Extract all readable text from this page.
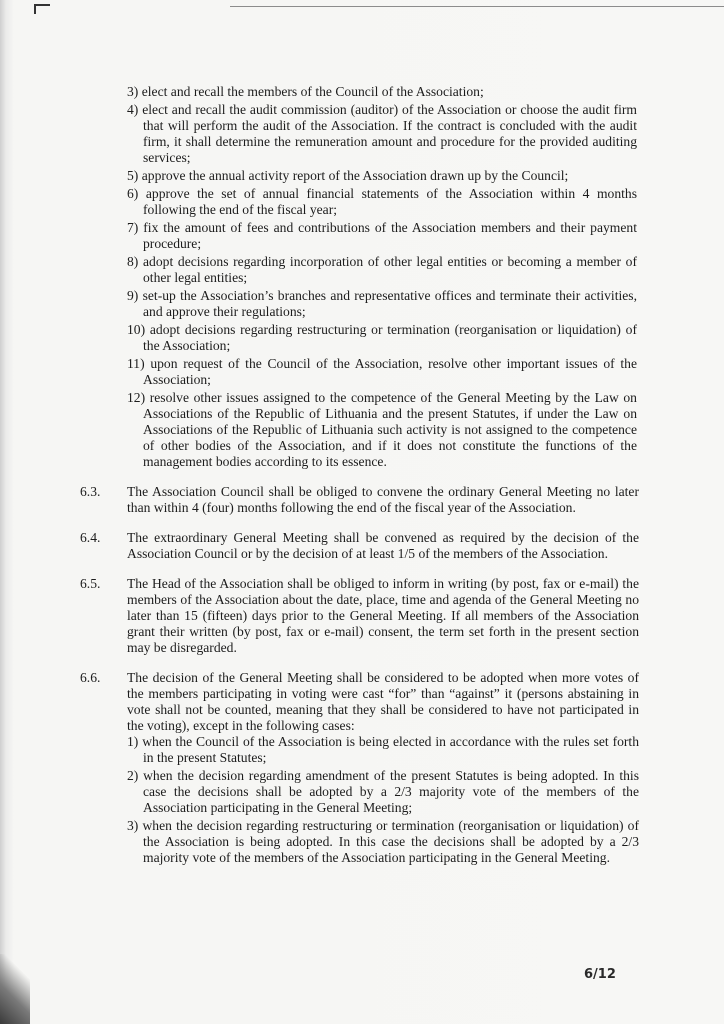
3) elect and recall the members of the Council of the Association;
4) elect and recall the audit commission (auditor) of the Association or choose the audit firm that will perform the audit of the Association. If the contract is concluded with the audit firm, it shall determine the remuneration amount and procedure for the provided auditing services;
5) approve the annual activity report of the Association drawn up by the Council;
6) approve the set of annual financial statements of the Association within 4 months following the end of the fiscal year;
7) fix the amount of fees and contributions of the Association members and their payment procedure;
8) adopt decisions regarding incorporation of other legal entities or becoming a member of other legal entities;
9) set-up the Association’s branches and representative offices and terminate their activities, and approve their regulations;
10) adopt decisions regarding restructuring or termination (reorganisation or liquidation) of the Association;
11) upon request of the Council of the Association, resolve other important issues of the Association;
12) resolve other issues assigned to the competence of the General Meeting by the Law on Associations of the Republic of Lithuania and the present Statutes, if under the Law on Associations of the Republic of Lithuania such activity is not assigned to the competence of other bodies of the Association, and if it does not constitute the functions of the management bodies according to its essence.
6.3. The Association Council shall be obliged to convene the ordinary General Meeting no later than within 4 (four) months following the end of the fiscal year of the Association.
6.4. The extraordinary General Meeting shall be convened as required by the decision of the Association Council or by the decision of at least 1/5 of the members of the Association.
6.5. The Head of the Association shall be obliged to inform in writing (by post, fax or e-mail) the members of the Association about the date, place, time and agenda of the General Meeting no later than 15 (fifteen) days prior to the General Meeting. If all members of the Association grant their written (by post, fax or e-mail) consent, the term set forth in the present section may be disregarded.
6.6. The decision of the General Meeting shall be considered to be adopted when more votes of the members participating in voting were cast “for” than “against” it (persons abstaining in vote shall not be counted, meaning that they shall be considered to have not participated in the voting), except in the following cases:
1) when the Council of the Association is being elected in accordance with the rules set forth in the present Statutes;
2) when the decision regarding amendment of the present Statutes is being adopted. In this case the decisions shall be adopted by a 2/3 majority vote of the members of the Association participating in the General Meeting;
3) when the decision regarding restructuring or termination (reorganisation or liquidation) of the Association is being adopted. In this case the decisions shall be adopted by a 2/3 majority vote of the members of the Association participating in the General Meeting.
6/12
